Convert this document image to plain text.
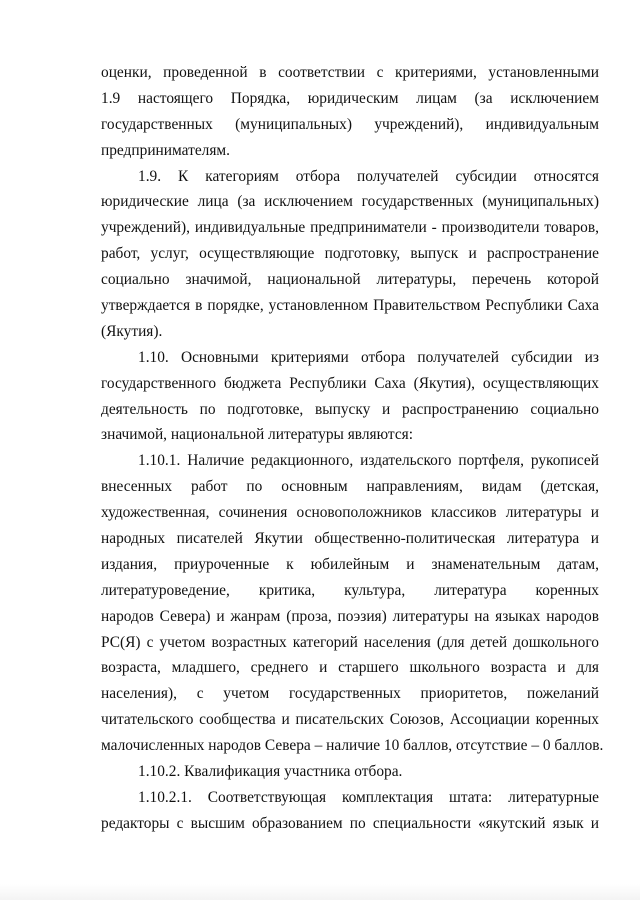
оценки, проведенной в соответствии с критериями, установленными
1.9 настоящего Порядка, юридическим лицам (за исключением
государственных (муниципальных) учреждений), индивидуальным
предпринимателям.
1.9. К категориям отбора получателей субсидии относятся
юридические лица (за исключением государственных (муниципальных)
учреждений), индивидуальные предприниматели - производители товаров,
работ, услуг, осуществляющие подготовку, выпуск и распространение
социально значимой, национальной литературы, перечень которой
утверждается в порядке, установленном Правительством Республики Саха
(Якутия).
1.10. Основными критериями отбора получателей субсидии из
государственного бюджета Республики Саха (Якутия), осуществляющих
деятельность по подготовке, выпуску и распространению социально
значимой, национальной литературы являются:
1.10.1. Наличие редакционного, издательского портфеля, рукописей
внесенных работ по основным направлениям, видам (детская,
художественная, сочинения основоположников классиков литературы и
народных писателей Якутии общественно-политическая литература и
издания, приуроченные к юбилейным и знаменательным датам,
литературоведение, критика, культура, литература коренных
народов Севера) и жанрам (проза, поэзия) литературы на языках народов
РС(Я) с учетом возрастных категорий населения (для детей дошкольного
возраста, младшего, среднего и старшего школьного возраста и для
населения), с учетом государственных приоритетов, пожеланий
читательского сообщества и писательских Союзов, Ассоциации коренных
малочисленных народов Севера – наличие 10 баллов, отсутствие – 0 баллов.
1.10.2. Квалификация участника отбора.
1.10.2.1. Соответствующая комплектация штата: литературные
редакторы с высшим образованием по специальности «якутский язык и
